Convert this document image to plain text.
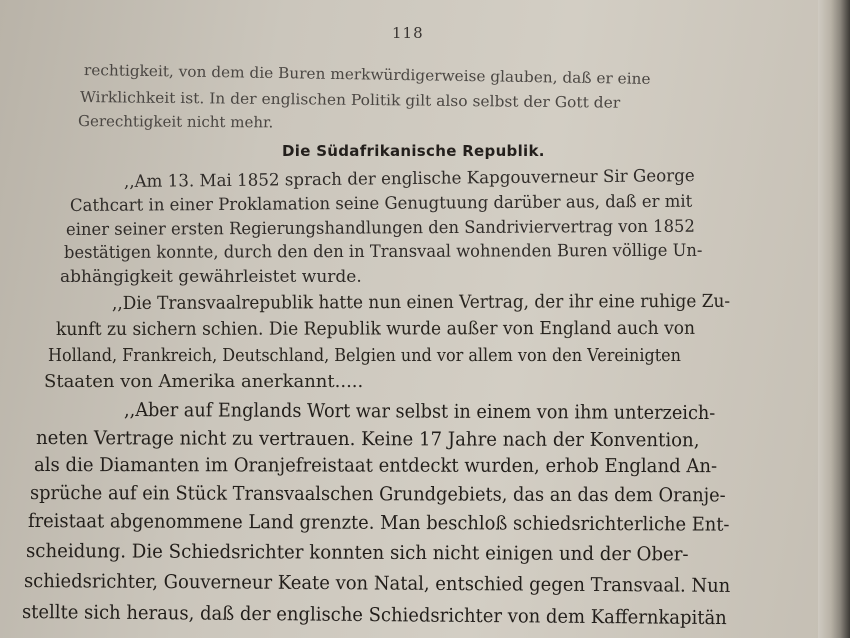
118
rechtigkeit, von dem die Buren merkwürdigerweise glauben, daß er eine
Wirklichkeit ist. In der englischen Politik gilt also selbst der Gott der
Gerechtigkeit nicht mehr.
Die Südafrikanische Republik.
,,Am 13. Mai 1852 sprach der englische Kapgouverneur Sir George
Cathcart in einer Proklamation seine Genugtuung darüber aus, daß er mit
einer seiner ersten Regierungshandlungen den Sandriviervertrag von 1852
bestätigen konnte, durch den den in Transvaal wohnenden Buren völlige Un-
abhängigkeit gewährleistet wurde.
,,Die Transvaalrepublik hatte nun einen Vertrag, der ihr eine ruhige Zu-
kunft zu sichern schien. Die Republik wurde außer von England auch von
Holland, Frankreich, Deutschland, Belgien und vor allem von den Vereinigten
Staaten von Amerika anerkannt.....
,,Aber auf Englands Wort war selbst in einem von ihm unterzeich-
neten Vertrage nicht zu vertrauen. Keine 17 Jahre nach der Konvention,
als die Diamanten im Oranjefreistaat entdeckt wurden, erhob England An-
sprüche auf ein Stück Transvaalschen Grundgebiets, das an das dem Oranje-
freistaat abgenommene Land grenzte. Man beschloß schiedsrichterliche Ent-
scheidung. Die Schiedsrichter konnten sich nicht einigen und der Ober-
schiedsrichter, Gouverneur Keate von Natal, entschied gegen Transvaal. Nun
stellte sich heraus, daß der englische Schiedsrichter von dem Kaffernkapitän
